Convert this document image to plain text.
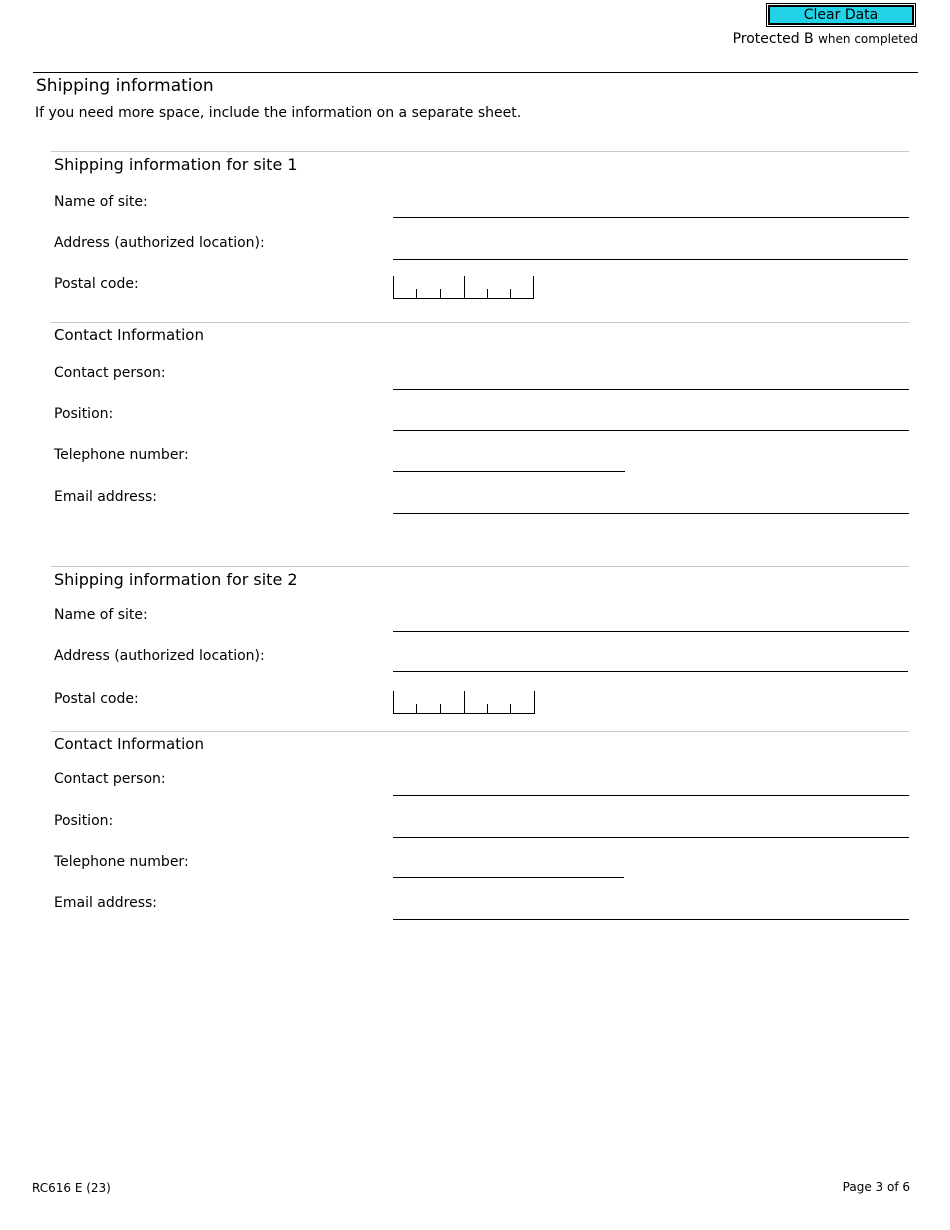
Clear Data
Protected B when completed
Shipping information
If you need more space, include the information on a separate sheet.
Shipping information for site 1
Name of site:
Address (authorized location):
Postal code:
Contact Information
Contact person:
Position:
Telephone number:
Email address:
Shipping information for site 2
Name of site:
Address (authorized location):
Postal code:
Contact Information
Contact person:
Position:
Telephone number:
Email address:
RC616 E (23)	Page 3 of 6
